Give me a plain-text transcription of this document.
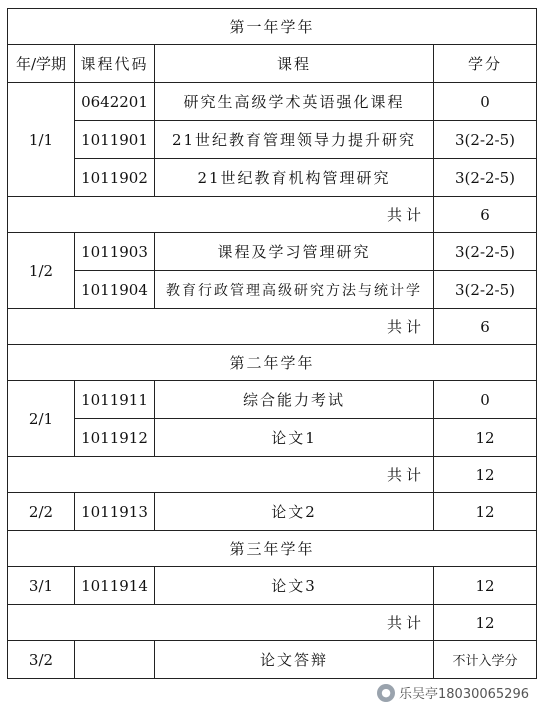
第一年学年			
年/学期	课程代码	课程	学分
1/1	0642201	研究生高级学术英语强化课程	0
	1011901	21世纪教育管理领导力提升研究	3(2-2-5)
	1011902	21世纪教育机构管理研究	3(2-2-5)
共计			6
1/2	1011903	课程及学习管理研究	3(2-2-5)
	1011904	教育行政管理高级研究方法与统计学	3(2-2-5)
共计			6
第二年学年			
2/1	1011911	综合能力考试	0
	1011912	论文1	12
共计			12
2/2	1011913	论文2	12
第三年学年			
3/1	1011914	论文3	12
共计			12
3/2		论文答辩	不计入学分
● 乐吴亭18030065296
